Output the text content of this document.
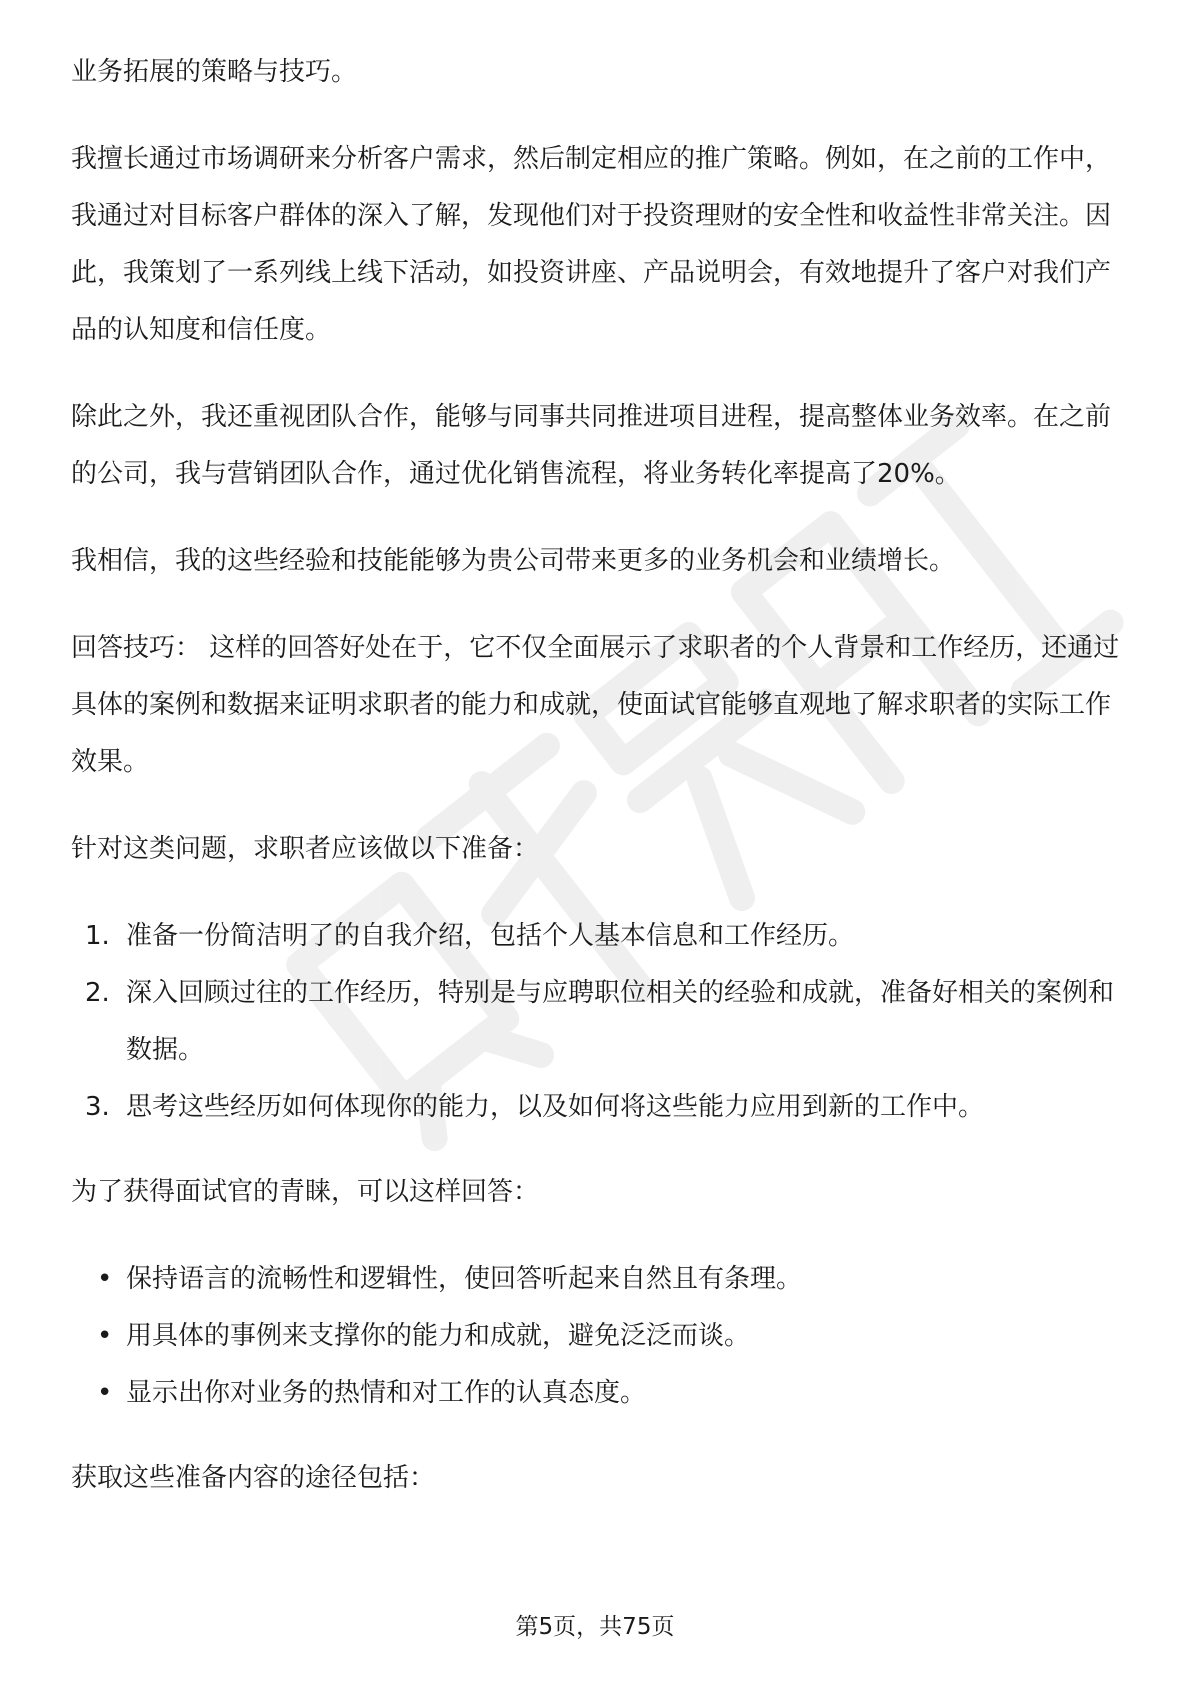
业务拓展的策略与技巧。

我擅长通过市场调研来分析客户需求，然后制定相应的推广策略。例如，在之前的工作中，我通过对目标客户群体的深入了解，发现他们对于投资理财的安全性和收益性非常关注。因此，我策划了一系列线上线下活动，如投资讲座、产品说明会，有效地提升了客户对我们产品的认知度和信任度。

除此之外，我还重视团队合作，能够与同事共同推进项目进程，提高整体业务效率。在之前的公司，我与营销团队合作，通过优化销售流程，将业务转化率提高了20%。

我相信，我的这些经验和技能能够为贵公司带来更多的业务机会和业绩增长。

回答技巧： 这样的回答好处在于，它不仅全面展示了求职者的个人背景和工作经历，还通过具体的案例和数据来证明求职者的能力和成就，使面试官能够直观地了解求职者的实际工作效果。

针对这类问题，求职者应该做以下准备：

1. 准备一份简洁明了的自我介绍，包括个人基本信息和工作经历。
2. 深入回顾过往的工作经历，特别是与应聘职位相关的经验和成就，准备好相关的案例和数据。
3. 思考这些经历如何体现你的能力，以及如何将这些能力应用到新的工作中。

为了获得面试官的青睐，可以这样回答：

• 保持语言的流畅性和逻辑性，使回答听起来自然且有条理。
• 用具体的事例来支撑你的能力和成就，避免泛泛而谈。
• 显示出你对业务的热情和对工作的认真态度。

获取这些准备内容的途径包括：

第5页，共75页
